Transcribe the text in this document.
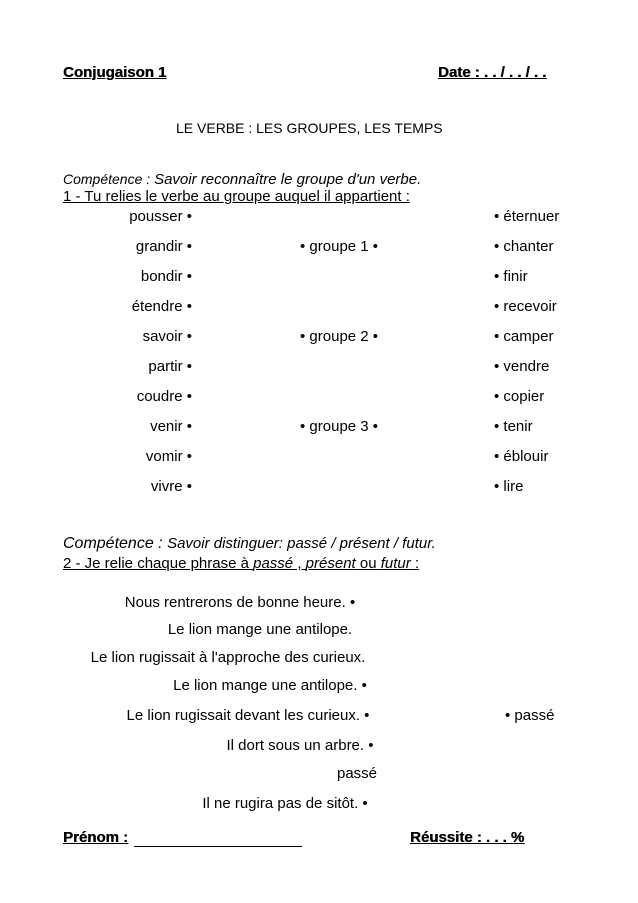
Conjugaison 1	Date : . . / . . / . .
LE VERBE : LES GROUPES, LES TEMPS
Compétence : Savoir reconnaître le groupe d'un verbe.
1 - Tu relies le verbe au groupe auquel il appartient :
pousser •
grandir •
bondir •
étendre •
savoir •
partir •
coudre •
venir •
vomir •
vivre •
• groupe 1 •
• groupe 2 •
• groupe 3 •
• éternuer
• chanter
• finir
• recevoir
• camper
• vendre
• copier
• tenir
• éblouir
• lire
Compétence : Savoir distinguer: passé / présent / futur.
2 - Je relie chaque phrase à passé , présent ou futur :
Nous rentrerons de bonne heure. •
Le lion mange une antilope.
Le lion rugissait à l'approche des curieux.
Le lion mange une antilope. •
Le lion rugissait devant les curieux. •
Il dort sous un arbre. •
passé
Il ne rugira pas de sitôt. •
• passé
Prénom :	Réussite : . . . %
